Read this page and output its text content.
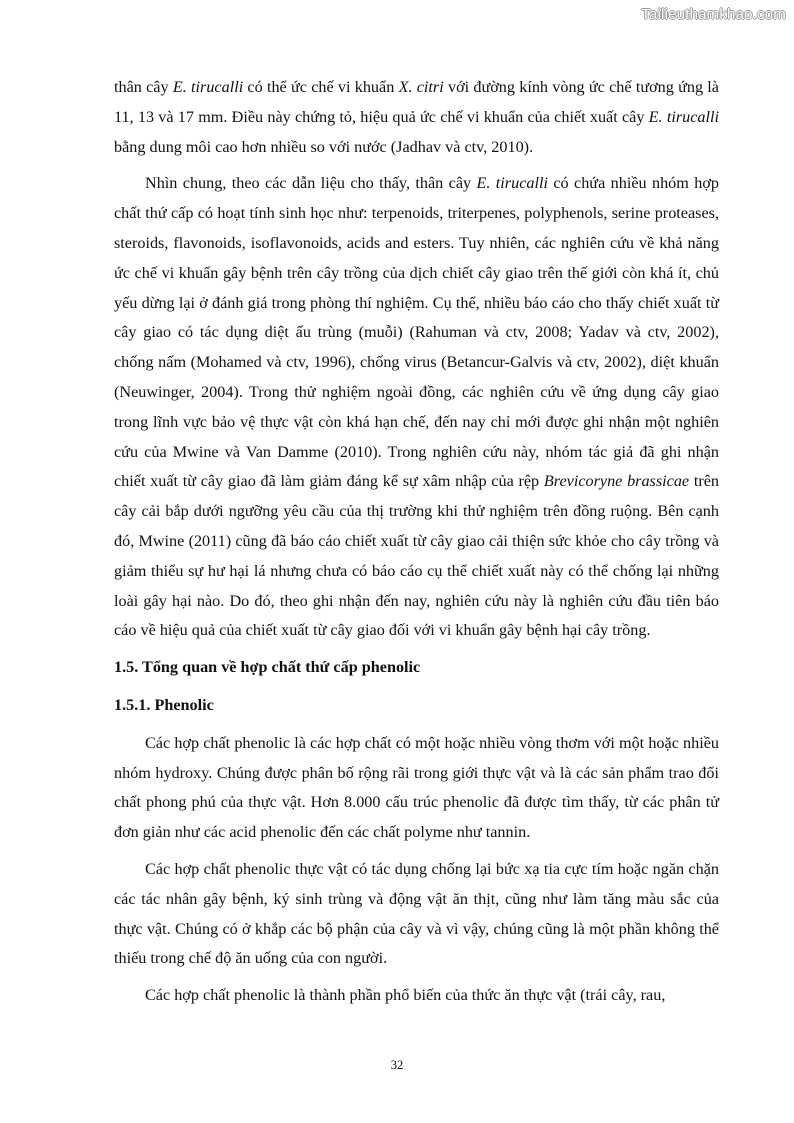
Tailieuthamkhao.com

thân cây E. tirucalli có thể ức chế vi khuẩn X. citri với đường kính vòng ức chế tương ứng là 11, 13 và 17 mm. Điều này chứng tỏ, hiệu quả ức chế vi khuẩn của chiết xuất cây E. tirucalli bằng dung môi cao hơn nhiều so với nước (Jadhav và ctv, 2010).

Nhìn chung, theo các dẫn liệu cho thấy, thân cây E. tirucalli có chứa nhiều nhóm hợp chất thứ cấp có hoạt tính sinh học như: terpenoids, triterpenes, polyphenols, serine proteases, steroids, flavonoids, isoflavonoids, acids and esters. Tuy nhiên, các nghiên cứu về khả năng ức chế vi khuẩn gây bệnh trên cây trồng của dịch chiết cây giao trên thế giới còn khá ít, chủ yếu dừng lại ở đánh giá trong phòng thí nghiệm. Cụ thể, nhiều báo cáo cho thấy chiết xuất từ cây giao có tác dụng diệt ấu trùng (muỗi) (Rahuman và ctv, 2008; Yadav và ctv, 2002), chống nấm (Mohamed và ctv, 1996), chống virus (Betancur-Galvis và ctv, 2002), diệt khuẩn (Neuwinger, 2004). Trong thử nghiệm ngoài đồng, các nghiên cứu về ứng dụng cây giao trong lĩnh vực bảo vệ thực vật còn khá hạn chế, đến nay chỉ mới được ghi nhận một nghiên cứu của Mwine và Van Damme (2010). Trong nghiên cứu này, nhóm tác giả đã ghi nhận chiết xuất từ cây giao đã làm giảm đáng kể sự xâm nhập của rệp Brevicoryne brassicae trên cây cải bắp dưới ngưỡng yêu cầu của thị trường khi thử nghiệm trên đồng ruộng. Bên cạnh đó, Mwine (2011) cũng đã báo cáo chiết xuất từ cây giao cải thiện sức khỏe cho cây trồng và giảm thiểu sự hư hại lá nhưng chưa có báo cáo cụ thể chiết xuất này có thể chống lại những loài gây hại nào. Do đó, theo ghi nhận đến nay, nghiên cứu này là nghiên cứu đầu tiên báo cáo về hiệu quả của chiết xuất từ cây giao đối với vi khuẩn gây bệnh hại cây trồng.

1.5. Tổng quan về hợp chất thứ cấp phenolic

1.5.1. Phenolic

Các hợp chất phenolic là các hợp chất có một hoặc nhiều vòng thơm với một hoặc nhiều nhóm hydroxy. Chúng được phân bố rộng rãi trong giới thực vật và là các sản phẩm trao đổi chất phong phú của thực vật. Hơn 8.000 cấu trúc phenolic đã được tìm thấy, từ các phân tử đơn giản như các acid phenolic đến các chất polyme như tannin.

Các hợp chất phenolic thực vật có tác dụng chống lại bức xạ tia cực tím hoặc ngăn chặn các tác nhân gây bệnh, ký sinh trùng và động vật ăn thịt, cũng như làm tăng màu sắc của thực vật. Chúng có ở khắp các bộ phận của cây và vì vậy, chúng cũng là một phần không thể thiếu trong chế độ ăn uống của con người.

Các hợp chất phenolic là thành phần phổ biến của thức ăn thực vật (trái cây, rau,

32
